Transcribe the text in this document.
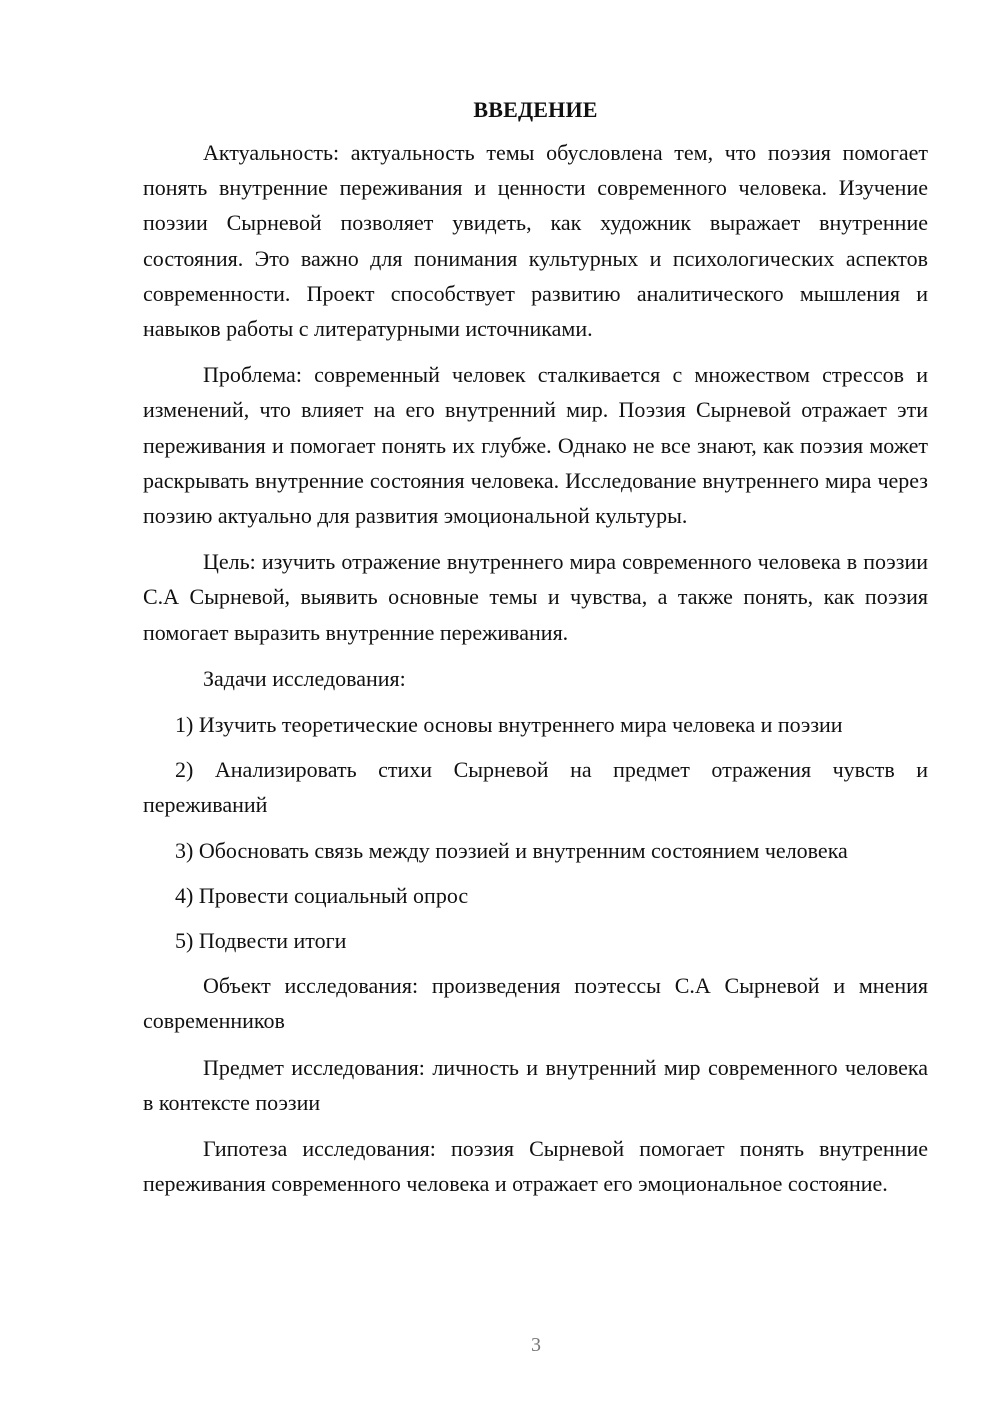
ВВЕДЕНИЕ

Актуальность: актуальность темы обусловлена тем, что поэзия помогает понять внутренние переживания и ценности современного человека. Изучение поэзии Сырневой позволяет увидеть, как художник выражает внутренние состояния. Это важно для понимания культурных и психологических аспектов современности. Проект способствует развитию аналитического мышления и навыков работы с литературными источниками.

Проблема: современный человек сталкивается с множеством стрессов и изменений, что влияет на его внутренний мир. Поэзия Сырневой отражает эти переживания и помогает понять их глубже. Однако не все знают, как поэзия может раскрывать внутренние состояния человека. Исследование внутреннего мира через поэзию актуально для развития эмоциональной культуры.

Цель: изучить отражение внутреннего мира современного человека в поэзии С.А Сырневой, выявить основные темы и чувства, а также понять, как поэзия помогает выразить внутренние переживания.

Задачи исследования:

1) Изучить теоретические основы внутреннего мира человека и поэзии

2) Анализировать стихи Сырневой на предмет отражения чувств и переживаний

3) Обосновать связь между поэзией и внутренним состоянием человека

4) Провести социальный опрос

5) Подвести итоги

Объект исследования: произведения поэтессы С.А Сырневой и мнения современников

Предмет исследования: личность и внутренний мир современного человека в контексте поэзии

Гипотеза исследования: поэзия Сырневой помогает понять внутренние переживания современного человека и отражает его эмоциональное состояние.

3
